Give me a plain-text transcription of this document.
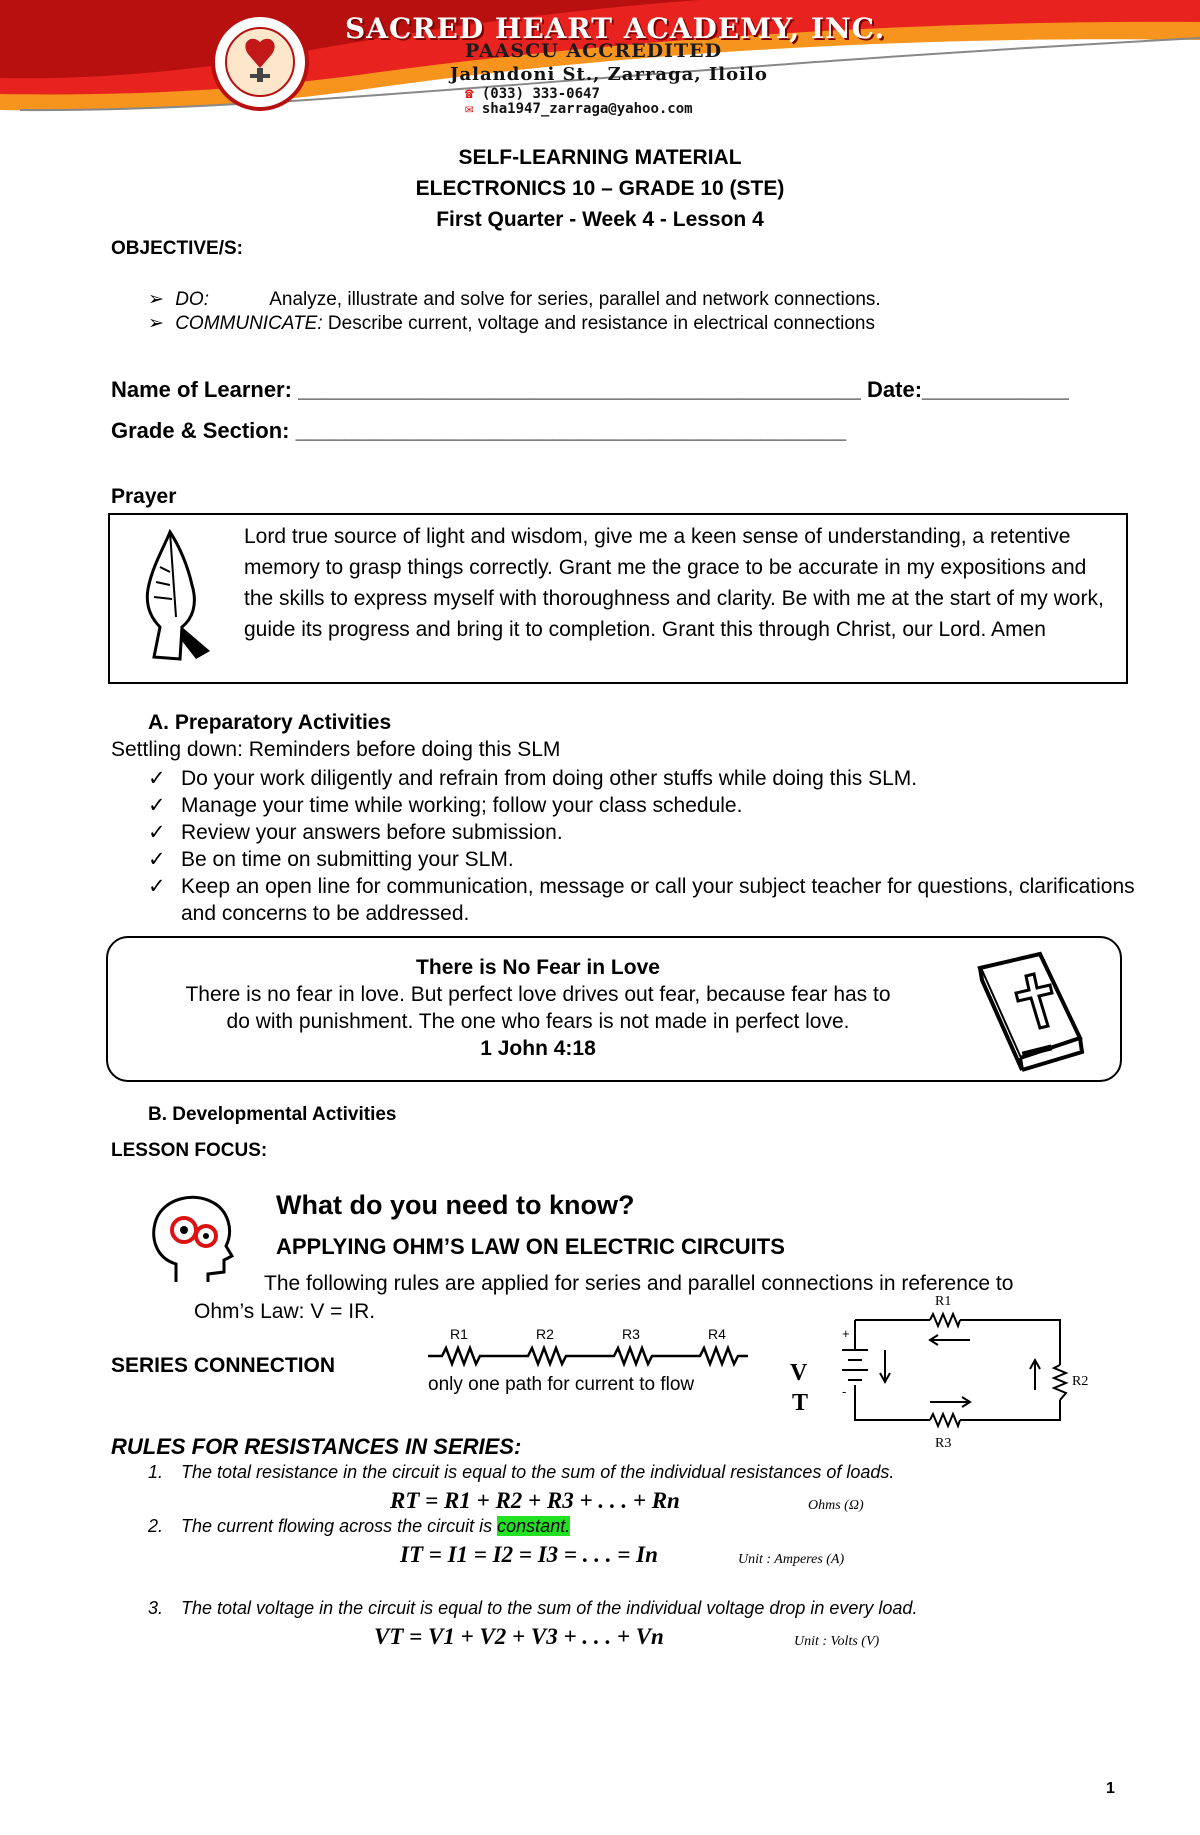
SACRED HEART ACADEMY, INC.
PAASCU ACCREDITED
Jalandoni St., Zarraga, Iloilo
☎ (033) 333-0647
✉ sha1947_zarraga@yahoo.com
SELF-LEARNING MATERIAL
ELECTRONICS 10 – GRADE 10 (STE)
First Quarter - Week 4 - Lesson 4
OBJECTIVE/S:
➢ DO:	Analyze, illustrate and solve for series, parallel and network connections.
➢ COMMUNICATE: Describe current, voltage and resistance in electrical connections
Name of Learner: ______________________________________________ Date:____________
Grade & Section: _____________________________________________
Prayer
Lord true source of light and wisdom, give me a keen sense of understanding, a retentive memory to grasp things correctly. Grant me the grace to be accurate in my expositions and the skills to express myself with thoroughness and clarity. Be with me at the start of my work, guide its progress and bring it to completion. Grant this through Christ, our Lord. Amen
A. Preparatory Activities
Settling down: Reminders before doing this SLM
✓ Do your work diligently and refrain from doing other stuffs while doing this SLM.
✓ Manage your time while working; follow your class schedule.
✓ Review your answers before submission.
✓ Be on time on submitting your SLM.
✓ Keep an open line for communication, message or call your subject teacher for questions, clarifications and concerns to be addressed.
There is No Fear in Love
There is no fear in love. But perfect love drives out fear, because fear has to
do with punishment. The one who fears is not made in perfect love.
1 John 4:18
B. Developmental Activities
LESSON FOCUS:
What do you need to know?
APPLYING OHM’S LAW ON ELECTRIC CIRCUITS
The following rules are applied for series and parallel connections in reference to
Ohm’s Law: V = IR.
SERIES CONNECTION
R1	R2	R3	R4
only one path for current to flow	V
T
+
-
R1
R2
R3
RULES FOR RESISTANCES IN SERIES:
1. The total resistance in the circuit is equal to the sum of the individual resistances of loads.
RT = R1 + R2 + R3 + . . . + Rn	Ohms (Ω)
2. The current flowing across the circuit is constant.
IT = I1 = I2 = I3 = . . . = In	Unit : Amperes (A)
3. The total voltage in the circuit is equal to the sum of the individual voltage drop in every load.
VT = V1 + V2 + V3 + . . . + Vn	Unit : Volts (V)
1
